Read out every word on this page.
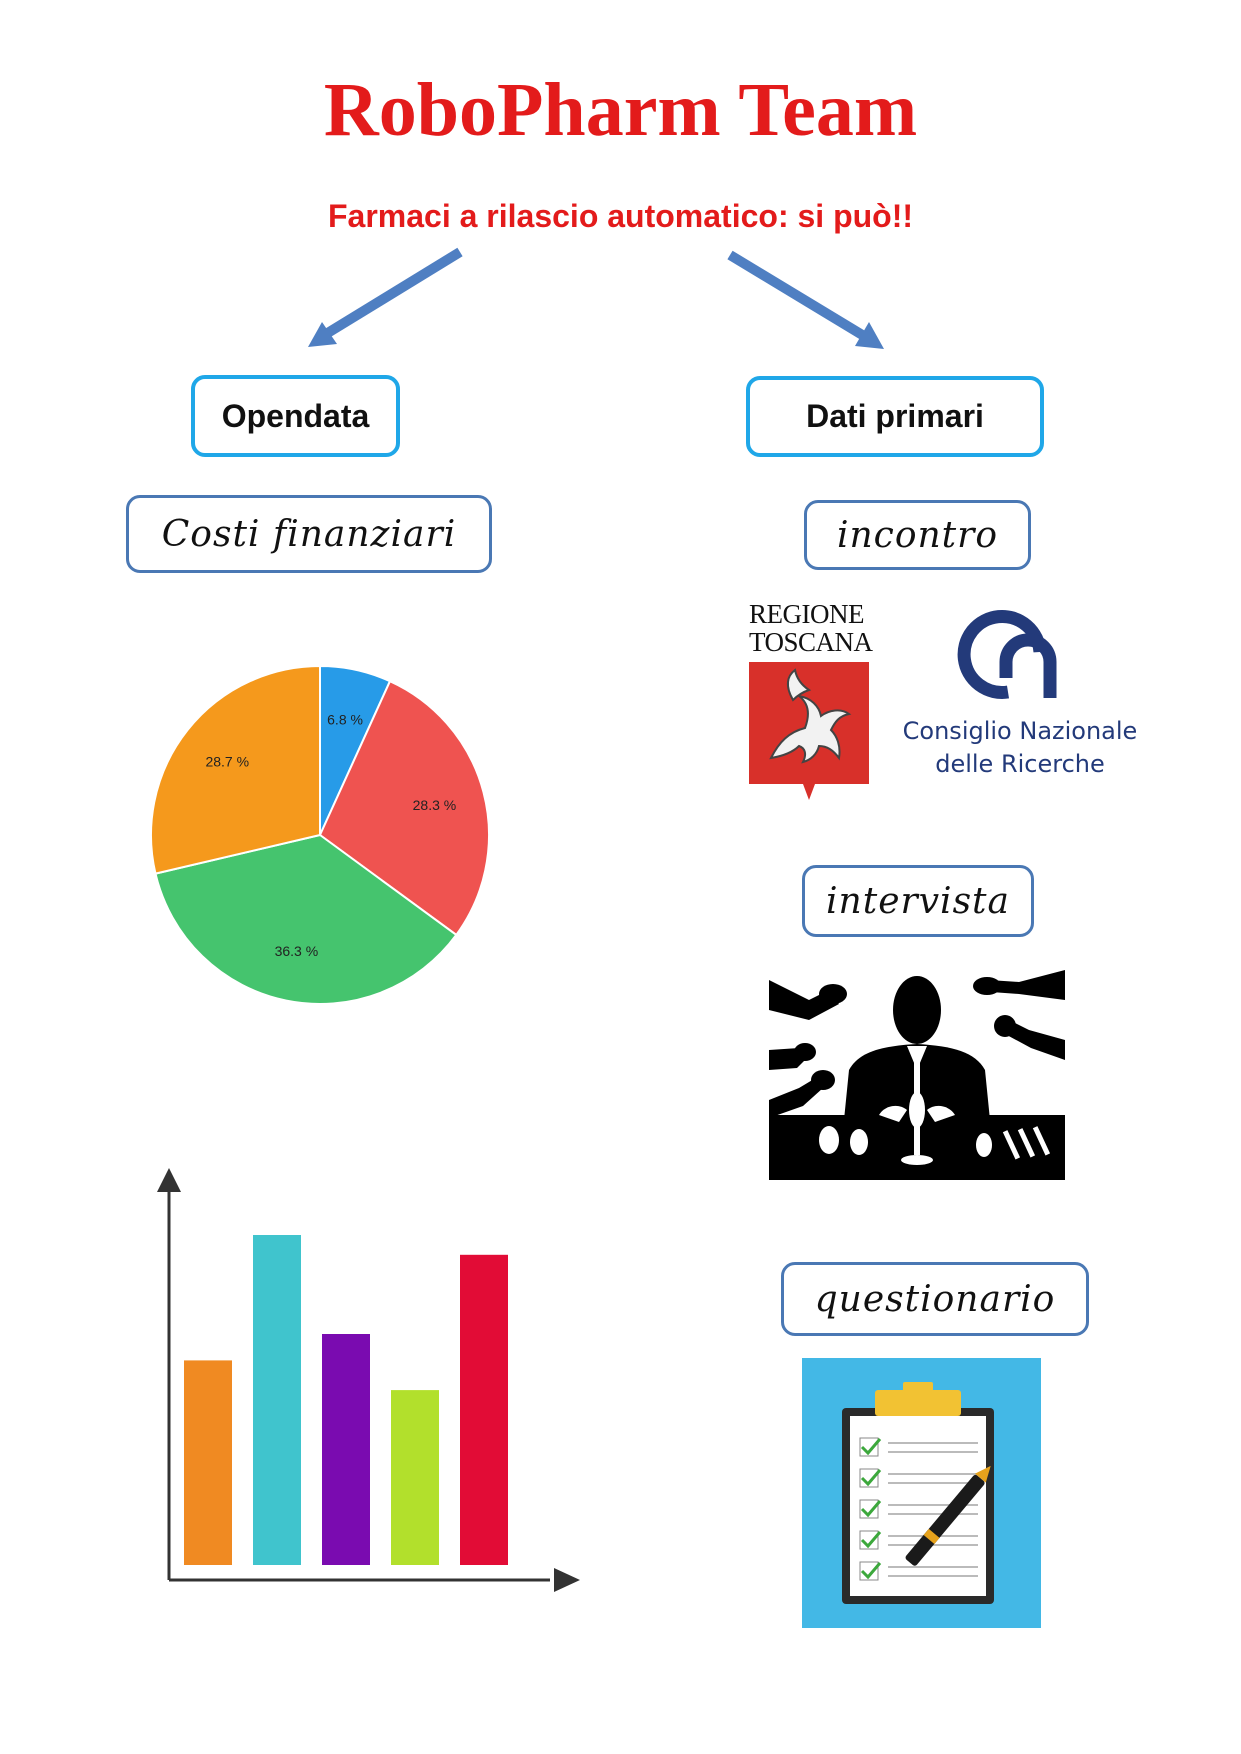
RoboPharm Team
Farmaci a rilascio automatico: si può!!
Opendata
Costi finanziari
6.8 %
28.3 %
36.3 %
28.7 %
Dati primari
incontro
REGIONE
TOSCANA
Consiglio Nazionale
delle Ricerche
intervista
questionario
